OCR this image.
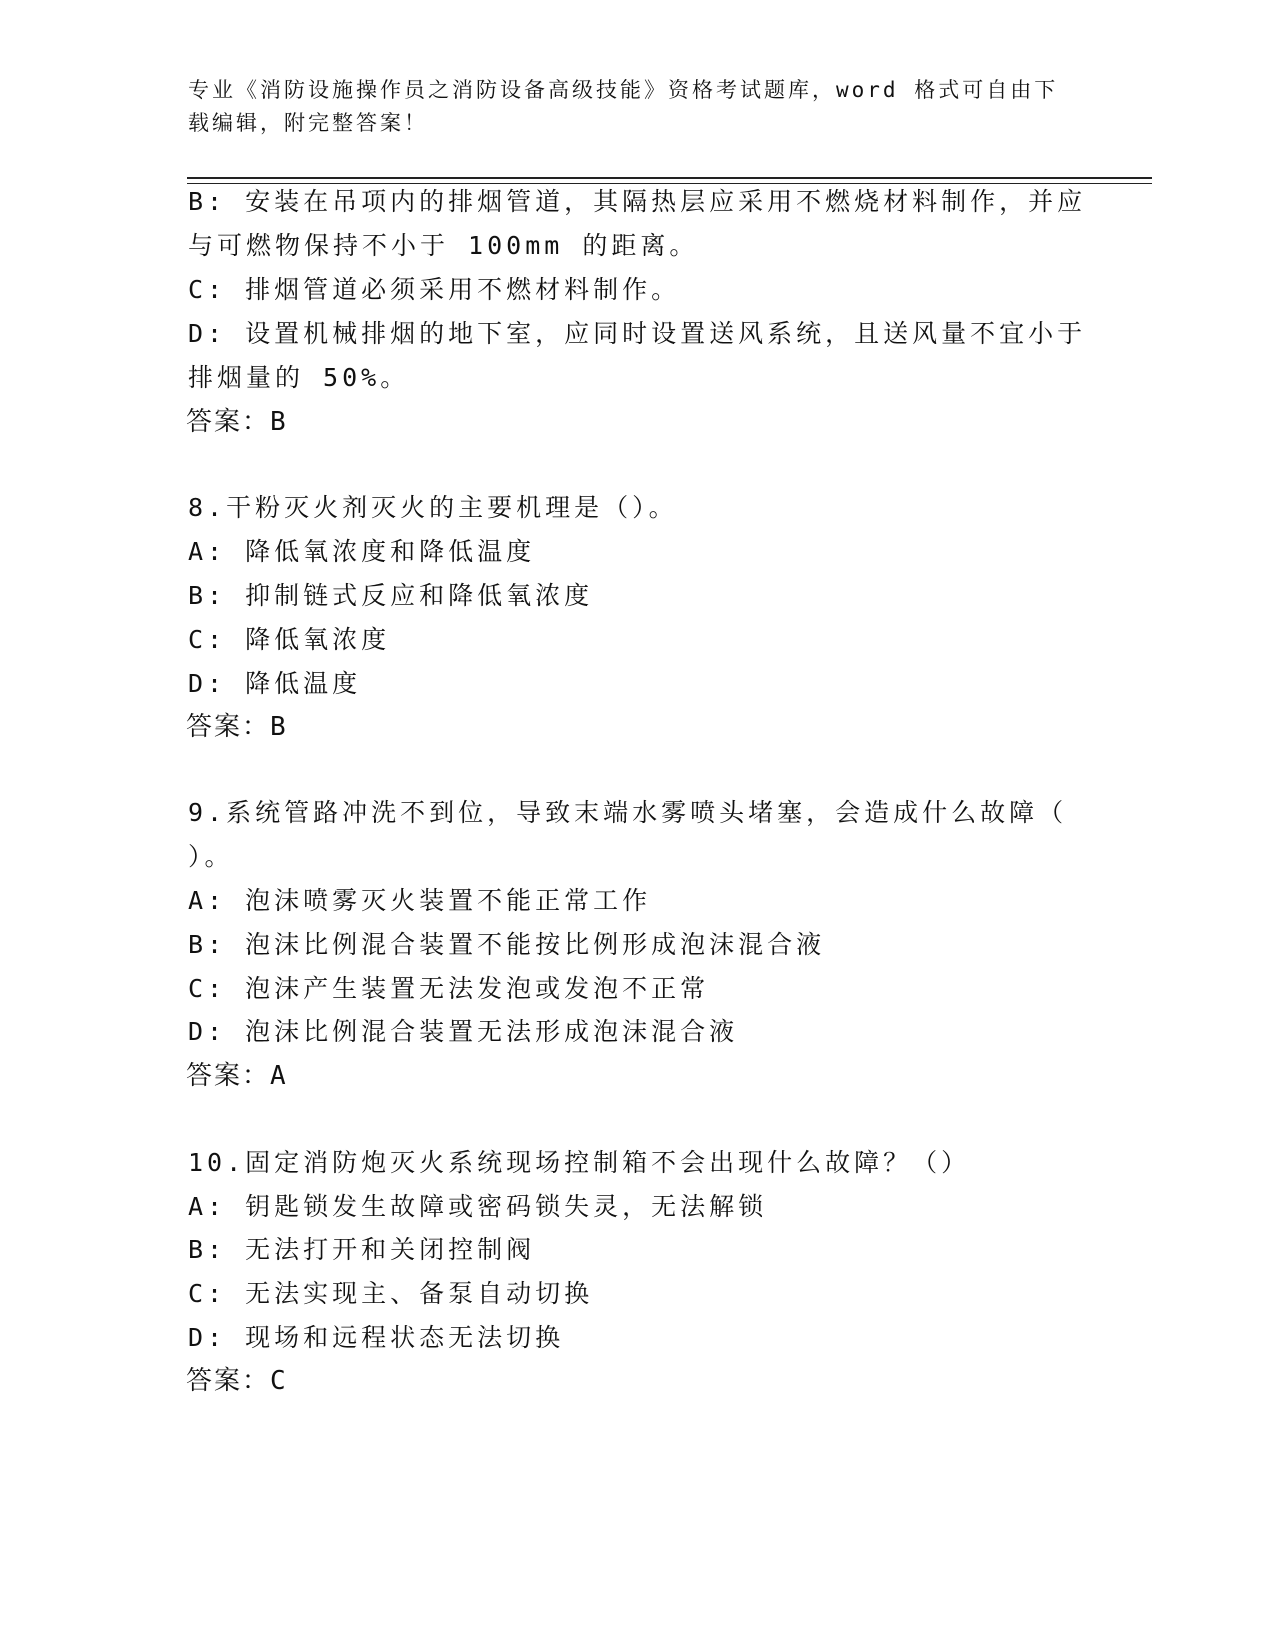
专业《消防设施操作员之消防设备高级技能》资格考试题库，word 格式可自由下
载编辑，附完整答案！
B: 安装在吊项内的排烟管道，其隔热层应采用不燃烧材料制作，并应
与可燃物保持不小于 100mm 的距离。
C: 排烟管道必须采用不燃材料制作。
D: 设置机械排烟的地下室，应同时设置送风系统，且送风量不宜小于
排烟量的 50%。
答案：B
8.干粉灭火剂灭火的主要机理是（）。
A: 降低氧浓度和降低温度
B: 抑制链式反应和降低氧浓度
C: 降低氧浓度
D: 降低温度
答案：B
9.系统管路冲洗不到位，导致末端水雾喷头堵塞，会造成什么故障（
）。
A: 泡沫喷雾灭火装置不能正常工作
B: 泡沫比例混合装置不能按比例形成泡沫混合液
C: 泡沫产生装置无法发泡或发泡不正常
D: 泡沫比例混合装置无法形成泡沫混合液
答案：A
10.固定消防炮灭火系统现场控制箱不会出现什么故障？（）
A: 钥匙锁发生故障或密码锁失灵，无法解锁
B: 无法打开和关闭控制阀
C: 无法实现主、备泵自动切换
D: 现场和远程状态无法切换
答案：C
